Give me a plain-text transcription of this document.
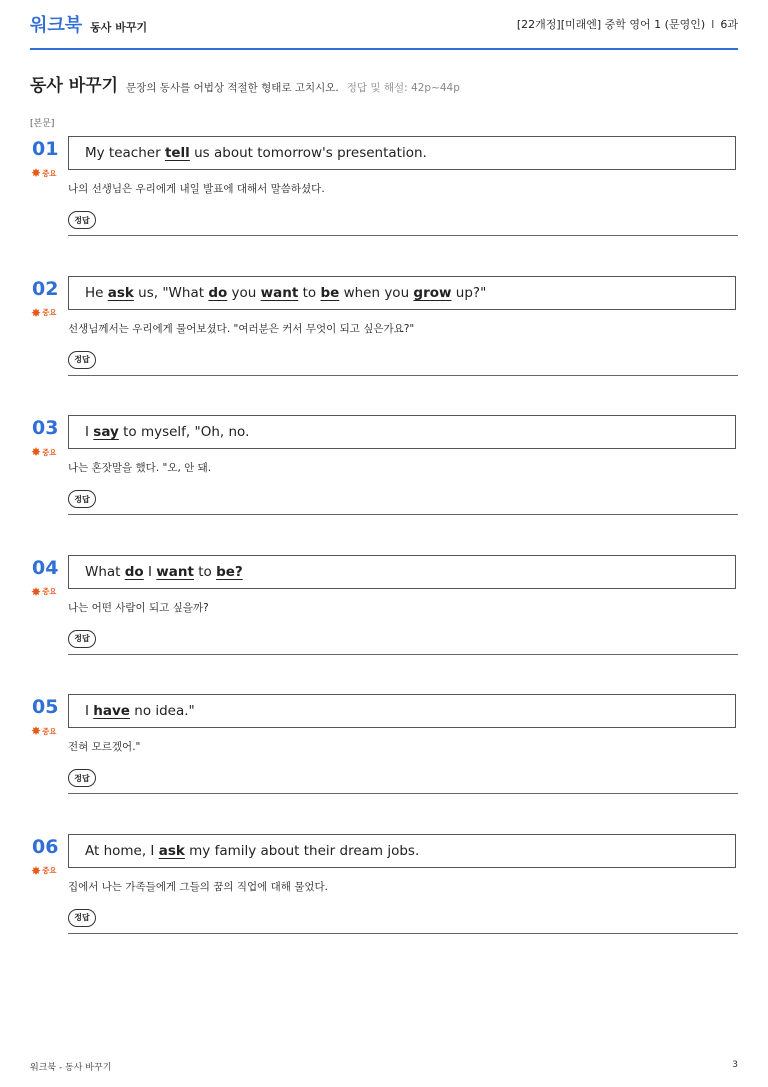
워크북 동사 바꾸기	[22개정][미래엔] 중학 영어 1 (문영인) I 6과
동사 바꾸기 문장의 동사를 어법상 적절한 형태로 고치시오. 정답 및 해설: 42p~44p
[본문]
01
✸ 중요
My teacher tell us about tomorrow's presentation.
나의 선생님은 우리에게 내일 발표에 대해서 말씀하셨다.
정답
02
✸ 중요
He ask us, "What do you want to be when you grow up?"
선생님께서는 우리에게 물어보셨다. "여러분은 커서 무엇이 되고 싶은가요?"
정답
03
✸ 중요
I say to myself, "Oh, no.
나는 혼잣말을 했다. "오, 안 돼.
정답
04
✸ 중요
What do I want to be?
나는 어떤 사람이 되고 싶을까?
정답
05
✸ 중요
I have no idea."
전혀 모르겠어."
정답
06
✸ 중요
At home, I ask my family about their dream jobs.
집에서 나는 가족들에게 그들의 꿈의 직업에 대해 물었다.
정답
워크북 - 동사 바꾸기	3
